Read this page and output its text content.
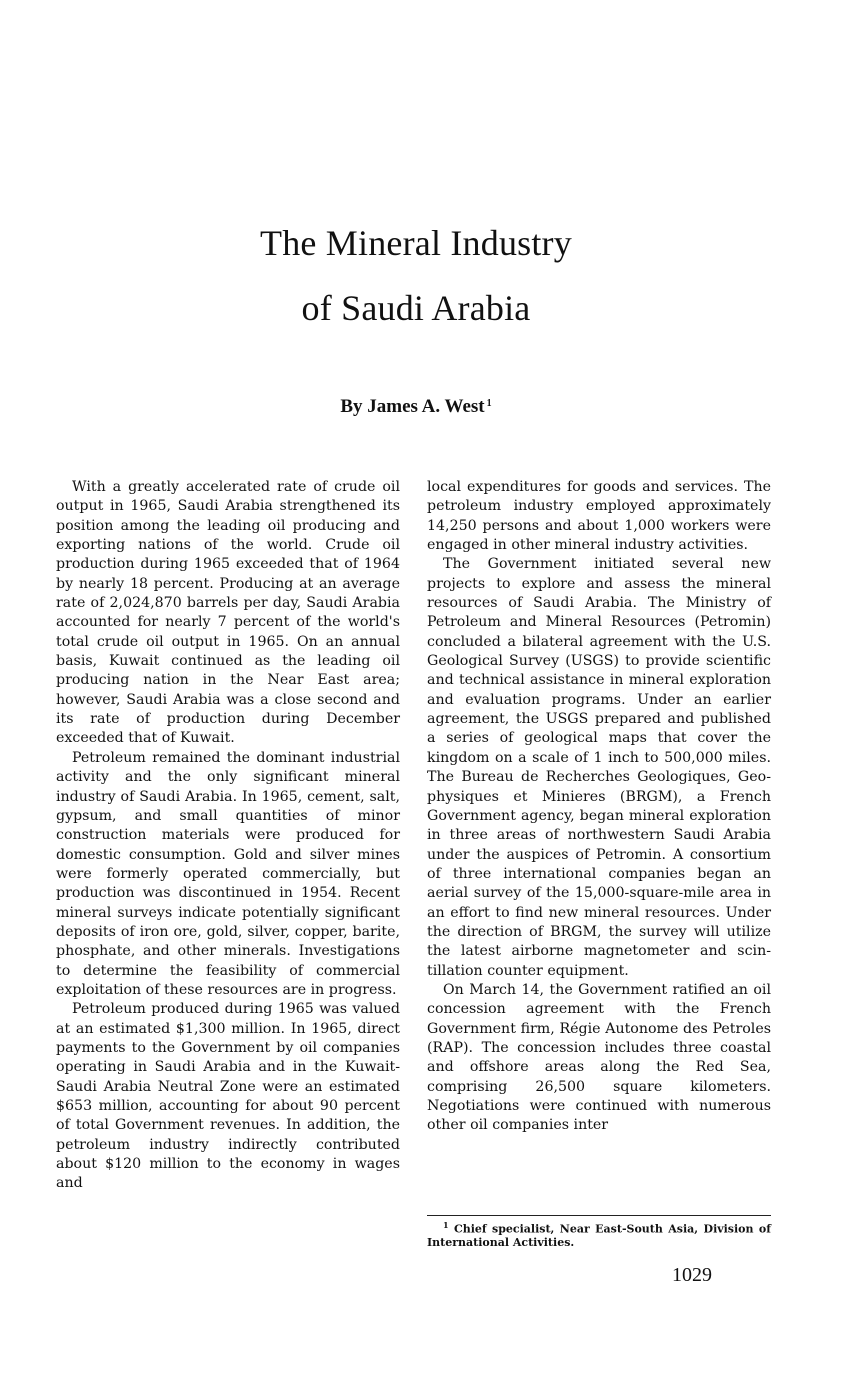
The Mineral Industry
of Saudi Arabia
By James A. West $^1$

With a greatly accelerated rate of crude oil output in 1965, Saudi Arabia strengthened its position among the leading oil producing and exporting nations of the world. Crude oil production during 1965 exceeded that of 1964 by nearly 18 percent. Producing at an average rate of 2,024,870 barrels per day, Saudi Arabia accounted for nearly 7 percent of the world's total crude oil output in 1965. On an annual basis, Kuwait continued as the leading oil producing nation in the Near East area; however, Saudi Arabia was a close second and its rate of production during December exceeded that of Kuwait.

Petroleum remained the dominant industrial activity and the only significant mineral industry of Saudi Arabia. In 1965, cement, salt, gypsum, and small quantities of minor construction materials were produced for domestic consumption. Gold and silver mines were formerly operated commercially, but production was discontinued in 1954. Recent mineral surveys indicate potentially significant deposits of iron ore, gold, silver, copper, barite, phosphate, and other minerals. Investigations to determine the feasibility of commercial exploitation of these resources are in progress.

Petroleum produced during 1965 was valued at an estimated $1,300 million. In 1965, direct payments to the Government by oil companies operating in Saudi Arabia and in the Kuwait-Saudi Arabia Neutral Zone were an estimated $653 million, accounting for about 90 percent of total Government revenues. In addition, the petroleum industry indirectly contributed about $120 million to the economy in wages and

local expenditures for goods and services. The petroleum industry employed approximately 14,250 persons and about 1,000 workers were engaged in other mineral industry activities.

The Government initiated several new projects to explore and assess the mineral resources of Saudi Arabia. The Ministry of Petroleum and Mineral Resources (Petromin) concluded a bilateral agreement with the U.S. Geological Survey (USGS) to provide scientific and technical assistance in mineral exploration and evaluation programs. Under an earlier agreement, the USGS prepared and published a series of geological maps that cover the kingdom on a scale of 1 inch to 500,000 miles. The Bureau de Recherches Geologiques, Geophysiques et Minieres (BRGM), a French Government agency, began mineral exploration in three areas of northwestern Saudi Arabia under the auspices of Petromin. A consortium of three international companies began an aerial survey of the 15,000-square-mile area in an effort to find new mineral resources. Under the direction of BRGM, the survey will utilize the latest airborne magnetometer and scintillation counter equipment.

On March 14, the Government ratified an oil concession agreement with the French Government firm, Régie Autonome des Petroles (RAP). The concession includes three coastal and offshore areas along the Red Sea, comprising 26,500 square kilometers. Negotiations were continued with numerous other oil companies inter

$^1$ Chief specialist, Near East-South Asia, Division of International Activities.
1029
